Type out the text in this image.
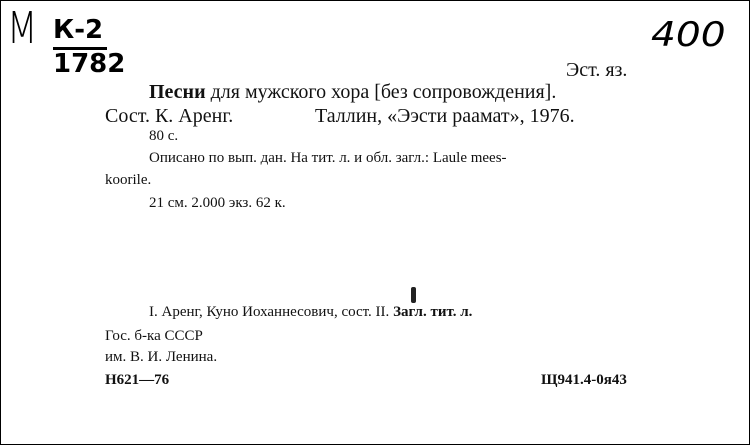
М К-2
1782
400
Эст. яз.
Песни для мужского хора [без сопровождения].
Сост. К. Аренг.	Таллин, «Ээсти раамат», 1976.
80 с.
Описано по вып. дан. На тит. л. и обл. загл.: Laule mees-
koorile.
21 см. 2.000 экз. 62 к.
I. Аренг, Куно Иоханнесович, сост. II. Загл. тит. л.
Гос. б-ка СССР
им. В. И. Ленина.
Н621—76	Щ941.4-0я43
